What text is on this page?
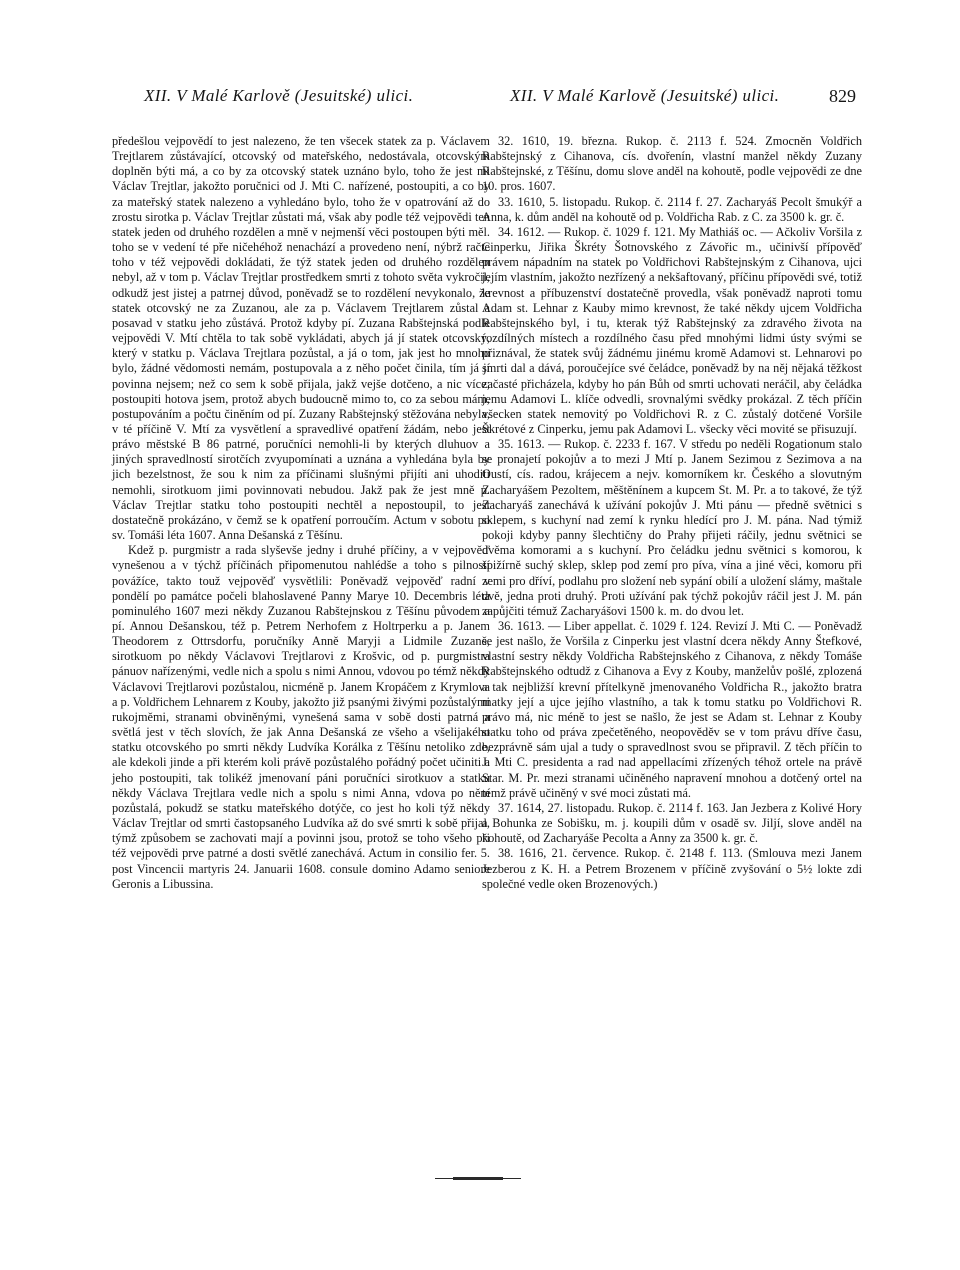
XII. V Malé Karlově (Jesuitské) ulici.	XII. V Malé Karlově (Jesuitské) ulici.	829

předešlou vejpovědí to jest nalezeno, že ten všecek statek za p. Václavem Trejtlarem zůstávající, otcovský od mateřského, nedostávala, otcovským doplněn býti má, a co by za otcovský statek uznáno bylo, toho že jest mi Václav Trejtlar, jakožto poručnici od J. Mti C. nařízené, postoupiti, a co by za mateřský statek nalezeno a vyhledáno bylo, toho že v opatrování až do zrostu sirotka p. Václav Trejtlar zůstati má, však aby podle též vejpovědi ten statek jeden od druhého rozdělen a mně v nejmenší věci postoupen býti měl. toho se v vedení té pře ničehéhož nenachází a provedeno není, nýbrž račte toho v též vejpovědi dokládati, že týž statek jeden od druhého rozdělen nebyl, až v tom p. Václav Trejtlar prostředkem smrti z tohoto světa vykročil, odkudž jest jistej a patrnej důvod, poněvadž se to rozdělení nevykonalo, že statek otcovský ne za Zuzanou, ale za p. Václavem Trejtlarem zůstal a posavad v statku jeho zůstává. Protož kdyby pí. Zuzana Rabštejnská podle vejpovědi V. Mtí chtěla to tak sobě vykládati, abych já jí statek otcovský, který v statku p. Václava Trejtlara pozůstal, a já o tom, jak jest ho mnoho bylo, žádné vědomosti nemám, postupovala a z něho počet činila, tím já jí povinna nejsem; než co sem k sobě přijala, jakž vejše dotčeno, a nic více; postoupiti hotova jsem, protož abych budoucně mimo to, co za sebou mám, postupováním a počtu činěním od pí. Zuzany Rabštejnský stěžována nebyla, v té příčině V. Mtí za vysvětlení a spravedlivé opatření žádám, nebo jest právo městské B 86 patrné, poručníci nemohli-li by kterých dluhuov a jiných spravedlností sirotčích zvyupomínati a uznána a vyhledána byla by jich bezelstnost, že sou k nim za příčinami slušnými přijíti ani uhoditi nemohli, sirotkuom jimi povinnovati nebudou. Jakž pak že jest mně p. Václav Trejtlar statku toho postoupiti nechtěl a nepostoupil, to jest dostatečně prokázáno, v čemž se k opatření porroučím. Actum v sobotu po sv. Tomáši léta 1607. Anna Dešanská z Těšínu.

Kdež p. purgmistr a rada slyševše jedny i druhé příčiny, a v vejpověď vynešenou a v týchž příčinách připomenutou nahlédše a toho s pilností povážíce, takto touž vejpověď vysvětlili: Poněvadž vejpověď radní v pondělí po památce počeli blahoslavené Panny Marye 10. Decembris léta pominulého 1607 mezi někdy Zuzanou Rabštejnskou z Těšínu původem a pí. Annou Dešanskou, též p. Petrem Nerhofem z Holtrperku a p. Janem Theodorem z Ottrsdorfu, poručníky Anně Maryji a Lidmile Zuzaně, sirotkuom po někdy Václavovi Trejtlarovi z Krošvic, od p. purgmistra pánuov nařízenými, vedle nich a spolu s nimi Annou, vdovou po témž někdy Václavovi Trejtlarovi pozůstalou, nicméně p. Janem Kropáčem z Krymlova a p. Voldřichem Lehnarem z Kouby, jakožto již psanými živými pozůstalými rukojměmi, stranami obviněnými, vynešená sama v sobě dosti patrná a světlá jest v těch slovích, že jak Anna Dešanská ze všeho a všelijakého statku otcovského po smrti někdy Ludvíka Korálka z Těšínu netoliko zde, ale kdekoli jinde a při kterém koli právě pozůstalého pořádný počet učiniti a jeho postoupiti, tak tolikéž jmenovaní páni poručníci sirotkuov a statku někdy Václava Trejtlara vedle nich a spolu s nimi Anna, vdova po něm pozůstalá, pokudž se statku mateřského dotýče, co jest ho koli týž někdy Václav Trejtlar od smrti častopsaného Ludvíka až do své smrti k sobě přijal, týmž způsobem se zachovati mají a povinni jsou, protož se toho všeho při též vejpovědi prve patrné a dosti světlé zanechává. Actum in consilio fer. 5. post Vincencii martyris 24. Januarii 1608. consule domino Adamo seniore Geronis a Libussina.

32. 1610, 19. března. Rukop. č. 2113 f. 524. Zmocněn Voldřich Rabštejnský z Cihanova, cís. dvořenín, vlastní manžel někdy Zuzany Rabštejnské, z Těšínu, domu slove anděl na kohoutě, podle vejpovědi ze dne 10. pros. 1607.

33. 1610, 5. listopadu. Rukop. č. 2114 f. 27. Zacharyáš Pecolt šmukýř a Anna, k. dům anděl na kohoutě od p. Voldřicha Rab. z C. za 3500 k. gr. č.

34. 1612. — Rukop. č. 1029 f. 121. My Mathiáš oc. — Ačkoliv Voršila z Cinperku, Jiřika Škréty Šotnovského z Závořic m., učinivší přípověď právem nápadním na statek po Voldřichovi Rabštejnským z Cihanova, ujci jejím vlastním, jakožto nezřízený a nekšaftovaný, příčinu přípovědi své, totiž krevnost a příbuzenství dostatečně provedla, však poněvadž naproti tomu Adam st. Lehnar z Kauby mimo krevnost, že také někdy ujcem Voldřicha Rabštejnského byl, i tu, kterak týž Rabštejnský za zdravého života na rozdílných místech a rozdílného času před mnohými lidmi ústy svými se přiznával, že statek svůj žádnému jinému kromě Adamovi st. Lehnarovi po smrti dal a dává, poroučejíce své čeládce, poněvadž by na něj nějaká těžkost začasté přicházela, kdyby ho pán Bůh od smrti uchovati neráčil, aby čeládka jemu Adamovi L. klíče odvedli, srovnalými svědky prokázal. Z těch příčin všecken statek nemovitý po Voldřichovi R. z C. zůstalý dotčené Voršile Škrétové z Cinperku, jemu pak Adamovi L. všecky věci movité se přisuzují.

35. 1613. — Rukop. č. 2233 f. 167. V středu po neděli Rogationum stalo se pronajetí pokojův a to mezi J Mtí p. Janem Sezimou z Sezimova a na Oustí, cís. radou, krájecem a nejv. komorníkem kr. Českého a slovutným Zacharyášem Pezoltem, měštěnínem a kupcem St. M. Pr. a to takové, že týž Zacharyáš zanechává k užívání pokojův J. Mti pánu — předně světnici s sklepem, s kuchyní nad zemí k rynku hledící pro J. M. pána. Nad týmiž pokoji kdyby panny šlechtičny do Prahy přijeti ráčily, jednu světnici se dvěma komorami a s kuchyní. Pro čeládku jednu světnici s komorou, k špižírně suchý sklep, sklep pod zemí pro píva, vína a jiné věci, komoru při zemi pro dříví, podlahu pro složení neb sypání obilí a uložení slámy, maštale dvě, jedna proti druhý. Proti užívání pak týchž pokojův ráčil jest J. M. pán zapůjčiti témuž Zacharyášovi 1500 k. m. do dvou let.

36. 1613. — Liber appellat. č. 1029 f. 124. Revizí J. Mti C. — Poněvadž se jest našlo, že Voršila z Cinperku jest vlastní dcera někdy Anny Štefkové, vlastní sestry někdy Voldřicha Rabštejnského z Cihanova, z někdy Tomáše Rabštejnského odtudž z Cihanova a Evy z Kouby, manželův pošlé, zplozená a tak nejbližší krevní přítelkyně jmenovaného Voldřicha R., jakožto bratra matky její a ujce jejího vlastního, a tak k tomu statku po Voldřichovi R. právo má, nic méně to jest se našlo, že jest se Adam st. Lehnar z Kouby statku toho od práva zpečetěného, neopověděv se v tom právu dříve času, bezprávně sám ujal a tudy o spravedlnost svou se připravil. Z těch příčin to J. Mti C. presidenta a rad nad appellacími zřízených téhož ortele na právě Star. M. Pr. mezi stranami učiněného napravení mnohou a dotčený ortel na témž právě učiněný v své moci zůstati má.

37. 1614, 27. listopadu. Rukop. č. 2114 f. 163. Jan Jezbera z Kolivé Hory a Bohunka ze Sobišku, m. j. koupili dům v osadě sv. Jiljí, slove anděl na kohoutě, od Zacharyáše Pecolta a Anny za 3500 k. gr. č.

38. 1616, 21. července. Rukop. č. 2148 f. 113. (Smlouva mezi Janem Jezberou z K. H. a Petrem Brozenem v příčině zvyšování o 5½ lokte zdi společné vedle oken Brozenových.)
